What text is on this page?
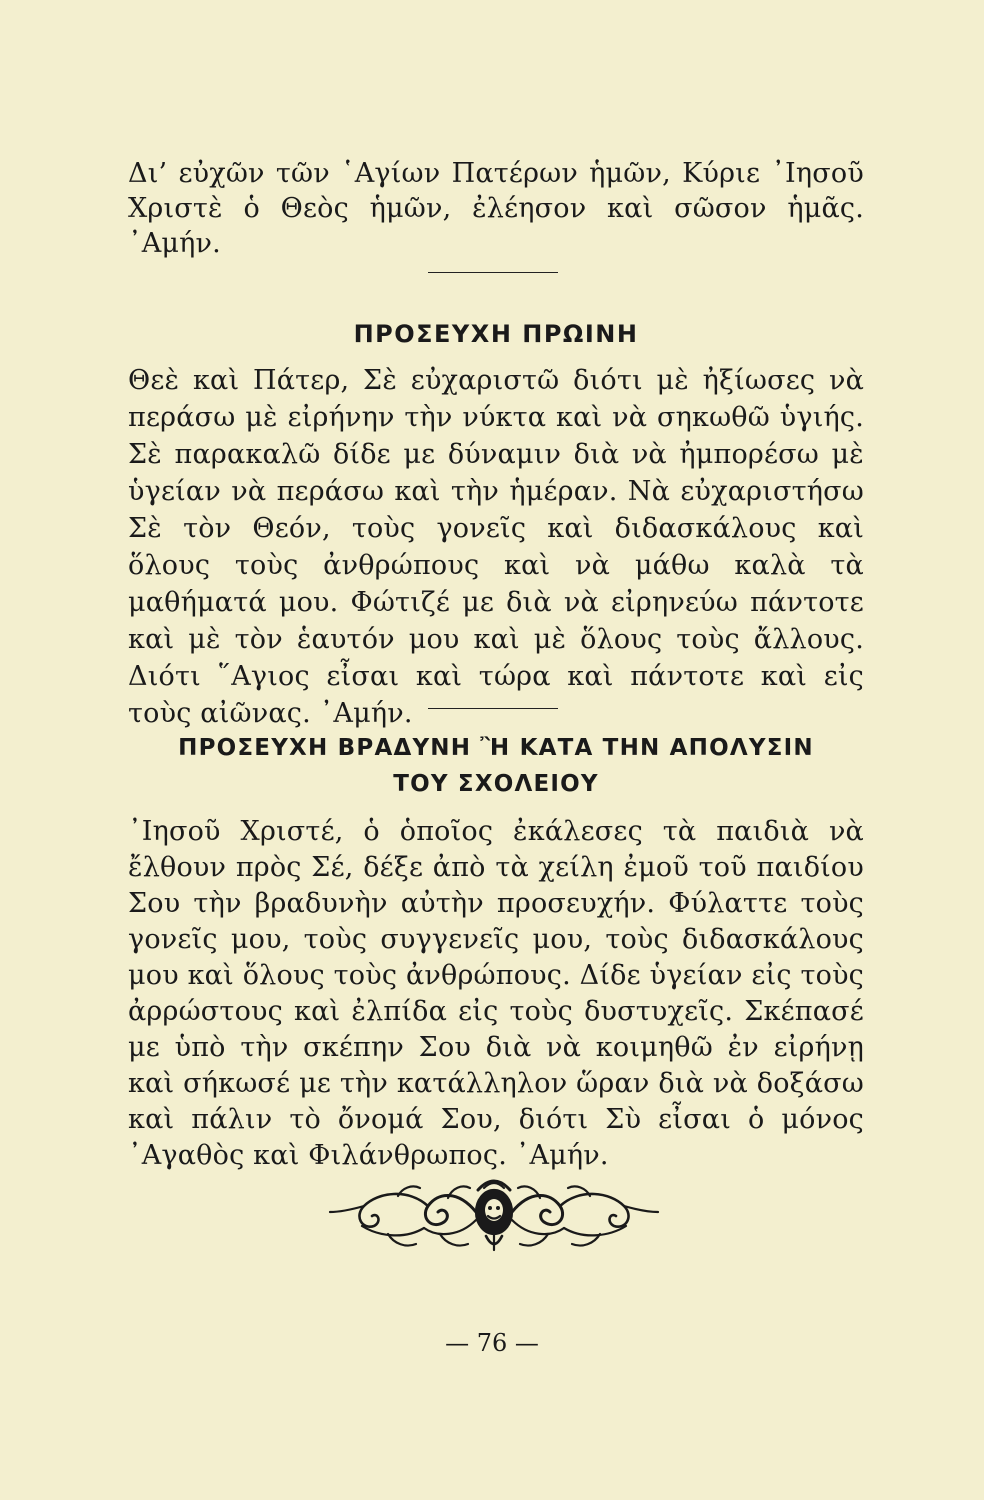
Δι’ εὐχῶν τῶν ῾Αγίων Πατέρων ἡμῶν, Κύριε ᾿Ιησοῦ Χριστὲ ὁ Θεὸς ἡμῶν, ἐλέησον καὶ σῶσον ἡμᾶς. ᾿Αμήν.

ΠΡΟΣΕΥΧΗ ΠΡΩΙΝΗ

Θεὲ καὶ Πάτερ, Σὲ εὐχαριστῶ διότι μὲ ἠξίωσες νὰ περάσω μὲ εἰρήνην τὴν νύκτα καὶ νὰ σηκωθῶ ὑγιής. Σὲ παρακαλῶ δίδε με δύναμιν διὰ νὰ ἠμπορέσω μὲ ὑγείαν νὰ περάσω καὶ τὴν ἡμέραν. Νὰ εὐχαριστήσω Σὲ τὸν Θεόν, τοὺς γονεῖς καὶ διδασκάλους καὶ ὅλους τοὺς ἀνθρώπους καὶ νὰ μάθω καλὰ τὰ μαθήματά μου. Φώτιζέ με διὰ νὰ εἰρηνεύω πάντοτε καὶ μὲ τὸν ἑαυτόν μου καὶ μὲ ὅλους τοὺς ἄλλους. Διότι ῞Αγιος εἶσαι καὶ τώρα καὶ πάντοτε καὶ εἰς τοὺς αἰῶνας. ᾿Αμήν.

ΠΡΟΣΕΥΧΗ ΒΡΑΔΥΝΗ Ἢ ΚΑΤΑ ΤΗΝ ΑΠΟΛΥΣΙΝ
ΤΟΥ ΣΧΟΛΕΙΟΥ

᾿Ιησοῦ Χριστέ, ὁ ὁποῖος ἐκάλεσες τὰ παιδιὰ νὰ ἔλθουν πρὸς Σέ, δέξε ἀπὸ τὰ χείλη ἐμοῦ τοῦ παιδίου Σου τὴν βραδυνὴν αὐτὴν προσευχήν. Φύλαττε τοὺς γονεῖς μου, τοὺς συγγενεῖς μου, τοὺς διδασκάλους μου καὶ ὅλους τοὺς ἀνθρώπους. Δίδε ὑγείαν εἰς τοὺς ἀρρώστους καὶ ἐλπίδα εἰς τοὺς δυστυχεῖς. Σκέπασέ με ὑπὸ τὴν σκέπην Σου διὰ νὰ κοιμηθῶ ἐν εἰρήνῃ καὶ σήκωσέ με τὴν κατάλληλον ὥραν διὰ νὰ δοξάσω καὶ πάλιν τὸ ὄνομά Σου, διότι Σὺ εἶσαι ὁ μόνος ᾿Αγαθὸς καὶ Φιλάνθρωπος. ᾿Αμήν.

— 76 —
